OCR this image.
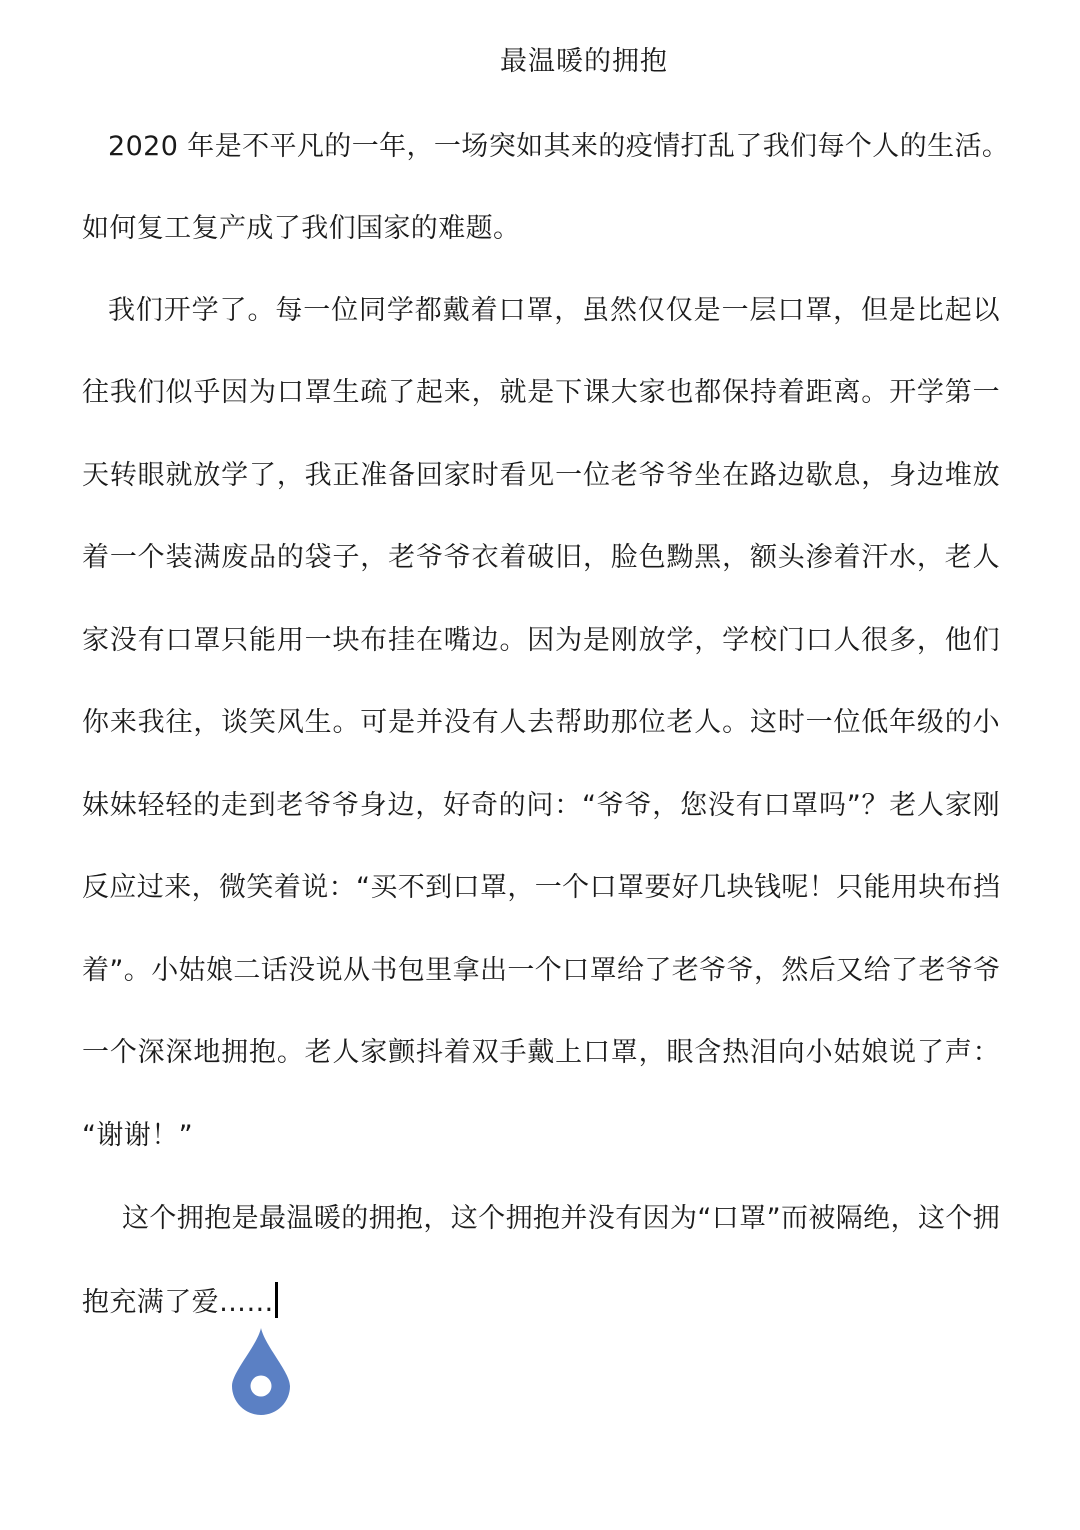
最温暖的拥抱
2020 年是不平凡的一年，一场突如其来的疫情打乱了我们每个人的生活。
如何复工复产成了我们国家的难题。
我们开学了。每一位同学都戴着口罩，虽然仅仅是一层口罩，但是比起以
往我们似乎因为口罩生疏了起来，就是下课大家也都保持着距离。开学第一
天转眼就放学了，我正准备回家时看见一位老爷爷坐在路边歇息，身边堆放
着一个装满废品的袋子，老爷爷衣着破旧，脸色黝黑，额头渗着汗水，老人
家没有口罩只能用一块布挂在嘴边。因为是刚放学，学校门口人很多，他们
你来我往，谈笑风生。可是并没有人去帮助那位老人。这时一位低年级的小
妹妹轻轻的走到老爷爷身边，好奇的问：“爷爷，您没有口罩吗”？老人家刚
反应过来，微笑着说：“买不到口罩，一个口罩要好几块钱呢！只能用块布挡
着”。小姑娘二话没说从书包里拿出一个口罩给了老爷爷，然后又给了老爷爷
一个深深地拥抱。老人家颤抖着双手戴上口罩，眼含热泪向小姑娘说了声：
“谢谢！”
这个拥抱是最温暖的拥抱，这个拥抱并没有因为“口罩”而被隔绝，这个拥
抱充满了爱……
